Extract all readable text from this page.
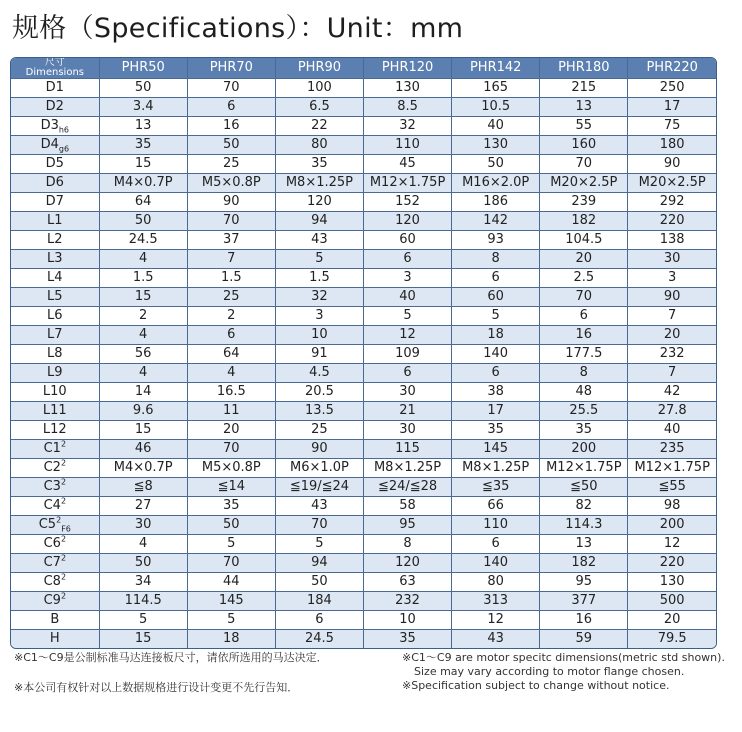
规格（Specifications）：Unit：mm
尺寸
Dimensions	PHR50	PHR70	PHR90	PHR120	PHR142	PHR180	PHR220
D1	50	70	100	130	165	215	250
D2	3.4	6	6.5	8.5	10.5	13	17
$D3_{h6}$	13	16	22	32	40	55	75
$D4_{g6}$	35	50	80	110	130	160	180
D5	15	25	35	45	50	70	90
D6	M4×0.7P	M5×0.8P	M8×1.25P	M12×1.75P	M16×2.0P	M20×2.5P	M20×2.5P
D7	64	90	120	152	186	239	292
L1	50	70	94	120	142	182	220
L2	24.5	37	43	60	93	104.5	138
L3	4	7	5	6	8	20	30
L4	1.5	1.5	1.5	3	6	2.5	3
L5	15	25	32	40	60	70	90
L6	2	2	3	5	5	6	7
L7	4	6	10	12	18	16	20
L8	56	64	91	109	140	177.5	232
L9	4	4	4.5	6	6	8	7
L10	14	16.5	20.5	30	38	48	42
L11	9.6	11	13.5	21	17	25.5	27.8
L12	15	20	25	30	35	35	40
$C1^2$	46	70	90	115	145	200	235
$C2^2$	M4×0.7P	M5×0.8P	M6×1.0P	M8×1.25P	M8×1.25P	M12×1.75P	M12×1.75P
$C3^2$	≦8	≦14	≦19/≦24	≦24/≦28	≦35	≦50	≦55
$C4^2$	27	35	43	58	66	82	98
$C5^2_{F6}$	30	50	70	95	110	114.3	200
$C6^2$	4	5	5	8	6	13	12
$C7^2$	50	70	94	120	140	182	220
$C8^2$	34	44	50	63	80	95	130
$C9^2$	114.5	145	184	232	313	377	500
B	5	5	6	10	12	16	20
H	15	18	24.5	35	43	59	79.5
※C1～C9是公制标准马达连接板尺寸，请依所选用的马达决定．
※本公司有权针对以上数据规格进行设计变更不先行告知．
※C1～C9 are motor specitc dimensions(metric std shown).
Size may vary according to motor flange chosen.
※Specification subject to change without notice.
